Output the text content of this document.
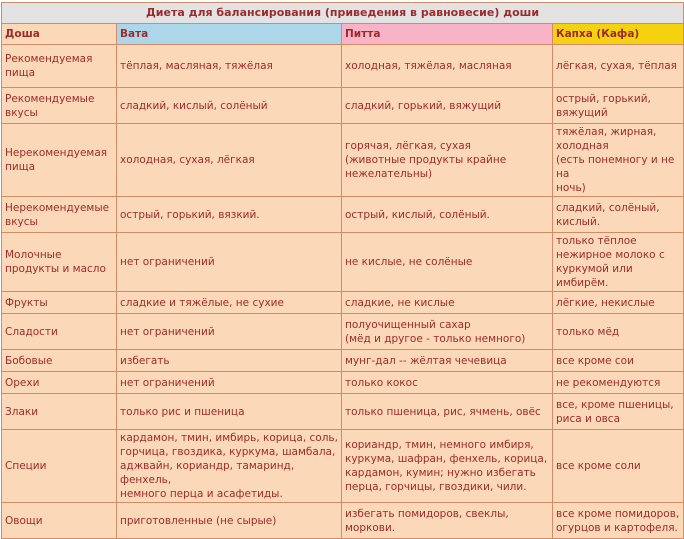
Диета для балансирования (приведения в равновесие) доши			
Доша	Вата	Питта	Капха (Кафа)
Рекомендуемая пища	тёплая, масляная, тяжёлая	холодная, тяжёлая, масляная	лёгкая, сухая, тёплая
Рекомендуемые вкусы	сладкий, кислый, солёный	сладкий, горький, вяжущий	острый, горький,
вяжущий
Нерекомендуемая пища	холодная, сухая, лёгкая	горячая, лёгкая, сухая
(животные продукты крайне
нежелательны)	тяжёлая, жирная,
холодная
(есть понемногу и не на
ночь)
Нерекомендуемые вкусы	острый, горький, вязкий.	острый, кислый, солёный.	сладкий, солёный,
кислый.
Молочные продукты и масло	нет ограничений	не кислые, не солёные	только тёплое
нежирное молоко с
куркумой или имбирём.
Фрукты	сладкие и тяжёлые, не сухие	сладкие, не кислые	лёгкие, некислые
Сладости	нет ограничений	полуочищенный сахар
(мёд и другое - только немного)	только мёд
Бобовые	избегать	мунг-дал -- жёлтая чечевица	все кроме сои
Орехи	нет ограничений	только кокос	не рекомендуются
Злаки	только рис и пшеница	только пшеница, рис, ячмень, овёс	все, кроме пшеницы,
риса и овса
Специи	кардамон, тмин, имбирь, корица, соль,
горчица, гвоздика, куркума, шамбала,
аджвайн, кориандр, тамаринд, фенхель,
немного перца и асафетиды.	кориандр, тмин, немного имбиря,
куркума, шафран, фенхель, корица,
кардамон, кумин; нужно избегать
перца, горчицы, гвоздики, чили.	все кроме соли
Овощи	приготовленные (не сырые)	избегать помидоров, свеклы, моркови.	все кроме помидоров,
огурцов и картофеля.
